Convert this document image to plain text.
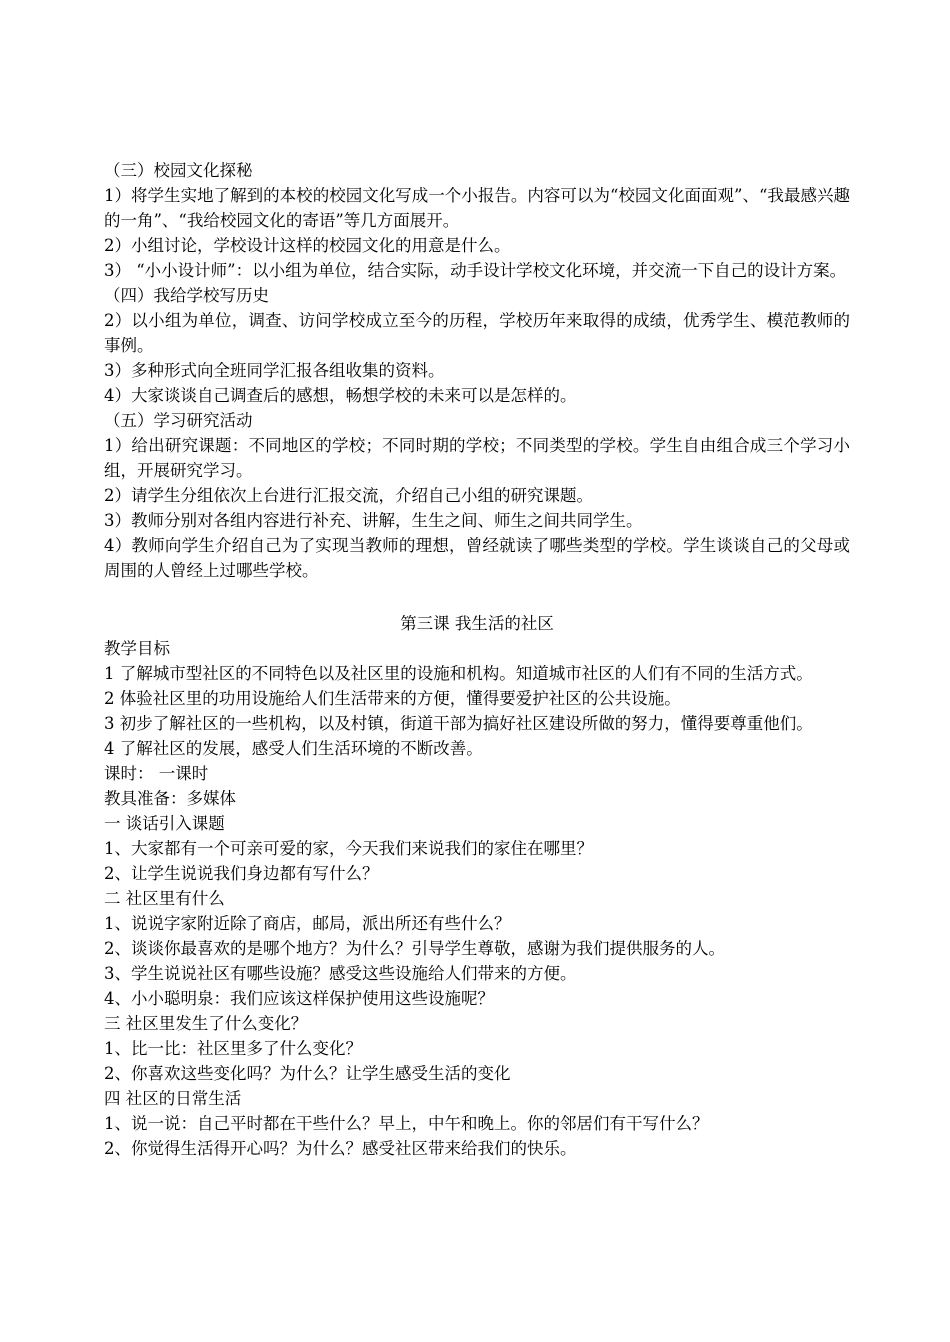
（三）校园文化探秘
1）将学生实地了解到的本校的校园文化写成一个小报告。内容可以为“校园文化面面观”、“我最感兴趣的一角”、“我给校园文化的寄语”等几方面展开。
2）小组讨论，学校设计这样的校园文化的用意是什么。
3） “小小设计师”：以小组为单位，结合实际，动手设计学校文化环境，并交流一下自己的设计方案。
（四）我给学校写历史
2）以小组为单位，调查、访问学校成立至今的历程，学校历年来取得的成绩，优秀学生、模范教师的事例。
3）多种形式向全班同学汇报各组收集的资料。
4）大家谈谈自己调查后的感想，畅想学校的未来可以是怎样的。
（五）学习研究活动
1）给出研究课题：不同地区的学校；不同时期的学校；不同类型的学校。学生自由组合成三个学习小组，开展研究学习。
2）请学生分组依次上台进行汇报交流，介绍自己小组的研究课题。
3）教师分别对各组内容进行补充、讲解，生生之间、师生之间共同学生。
4）教师向学生介绍自己为了实现当教师的理想，曾经就读了哪些类型的学校。学生谈谈自己的父母或周围的人曾经上过哪些学校。
第三课 我生活的社区
教学目标
1 了解城市型社区的不同特色以及社区里的设施和机构。知道城市社区的人们有不同的生活方式。
2 体验社区里的功用设施给人们生活带来的方便，懂得要爱护社区的公共设施。
3 初步了解社区的一些机构，以及村镇，街道干部为搞好社区建设所做的努力，懂得要尊重他们。
4 了解社区的发展，感受人们生活环境的不断改善。
课时： 一课时
教具准备：多媒体
一 谈话引入课题
1、大家都有一个可亲可爱的家，今天我们来说我们的家住在哪里？
2、让学生说说我们身边都有写什么？
二 社区里有什么
1、说说字家附近除了商店，邮局，派出所还有些什么？
2、谈谈你最喜欢的是哪个地方？为什么？引导学生尊敬，感谢为我们提供服务的人。
3、学生说说社区有哪些设施？感受这些设施给人们带来的方便。
4、小小聪明泉：我们应该这样保护使用这些设施呢？
三 社区里发生了什么变化？
1、比一比：社区里多了什么变化？
2、你喜欢这些变化吗？为什么？让学生感受生活的变化
四 社区的日常生活
1、说一说：自己平时都在干些什么？早上，中午和晚上。你的邻居们有干写什么？
2、你觉得生活得开心吗？为什么？感受社区带来给我们的快乐。
